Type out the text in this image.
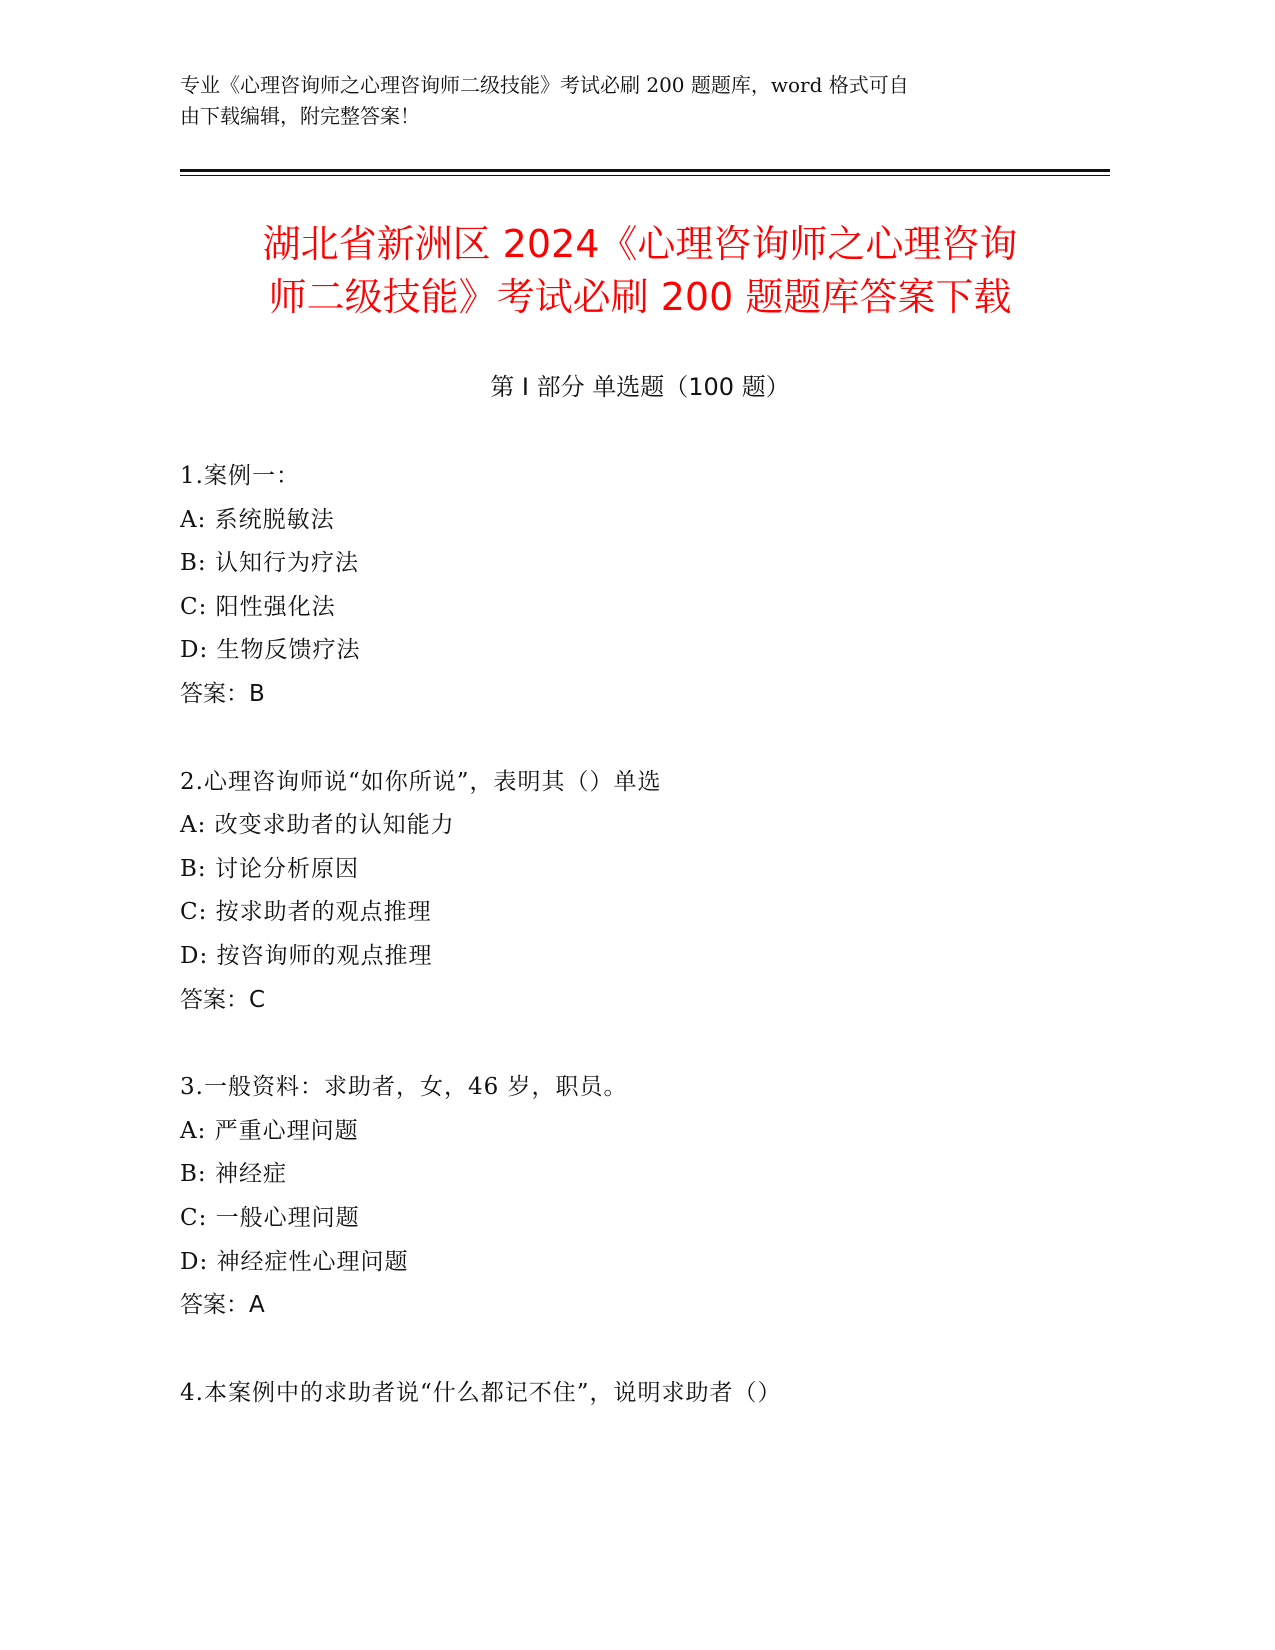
专业《心理咨询师之心理咨询师二级技能》考试必刷 200 题题库，word 格式可自
由下载编辑，附完整答案！
湖北省新洲区 2024《心理咨询师之心理咨询
师二级技能》考试必刷 200 题题库答案下载
第 I 部分 单选题（100 题）
1.案例一：
A: 系统脱敏法
B: 认知行为疗法
C: 阳性强化法
D: 生物反馈疗法
答案：B
2.心理咨询师说“如你所说”，表明其（）单选
A: 改变求助者的认知能力
B: 讨论分析原因
C: 按求助者的观点推理
D: 按咨询师的观点推理
答案：C
3.一般资料：求助者，女，46 岁，职员。
A: 严重心理问题
B: 神经症
C: 一般心理问题
D: 神经症性心理问题
答案：A
4.本案例中的求助者说“什么都记不住”，说明求助者（）
